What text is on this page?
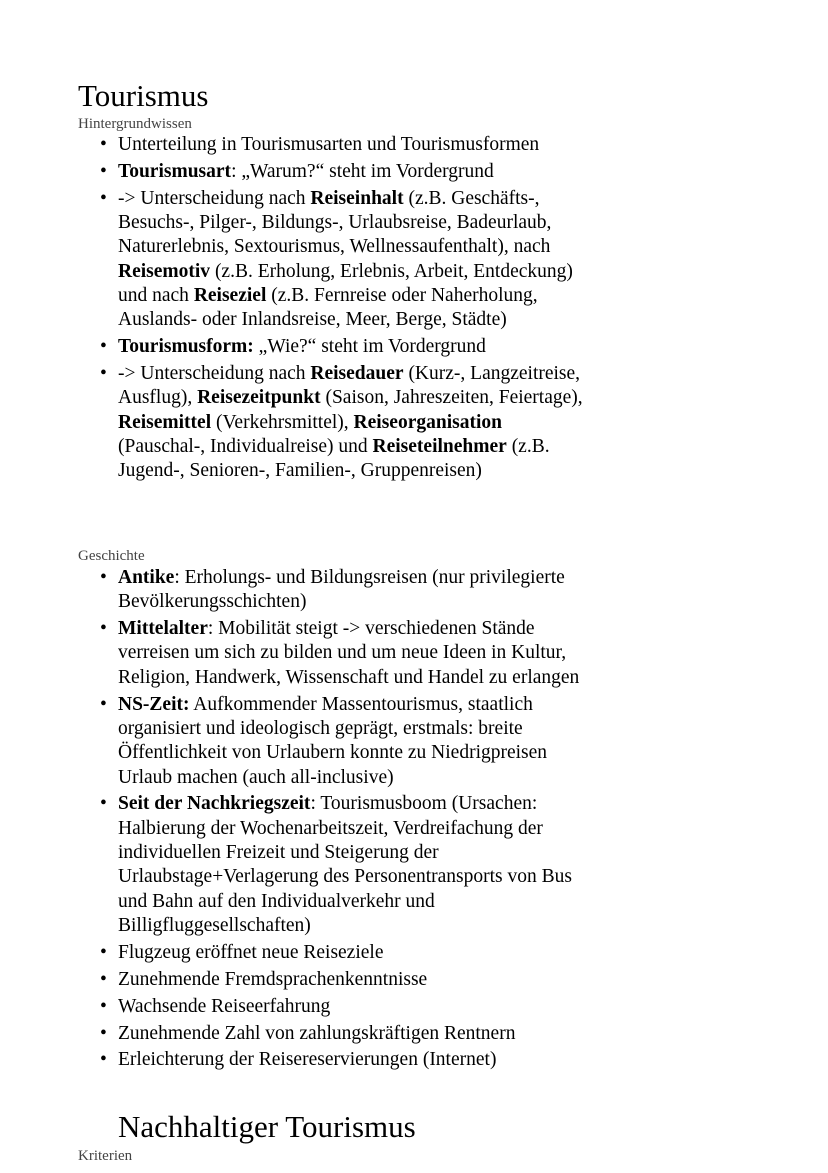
Tourismus
Hintergrundwissen
• Unterteilung in Tourismusarten und Tourismusformen
• Tourismusart: „Warum?“ steht im Vordergrund
• -> Unterscheidung nach Reiseinhalt (z.B. Geschäfts-, Besuchs-, Pilger-, Bildungs-, Urlaubsreise, Badeurlaub, Naturerlebnis, Sextourismus, Wellnessaufenthalt), nach Reisemotiv (z.B. Erholung, Erlebnis, Arbeit, Entdeckung) und nach Reiseziel (z.B. Fernreise oder Naherholung, Auslands- oder Inlandsreise, Meer, Berge, Städte)
• Tourismusform: „Wie?“ steht im Vordergrund
• -> Unterscheidung nach Reisedauer (Kurz-, Langzeitreise, Ausflug), Reisezeitpunkt (Saison, Jahreszeiten, Feiertage), Reisemittel (Verkehrsmittel), Reiseorganisation (Pauschal-, Individualreise) und Reiseteilnehmer (z.B. Jugend-, Senioren-, Familien-, Gruppenreisen)
Geschichte
• Antike: Erholungs- und Bildungsreisen (nur privilegierte Bevölkerungsschichten)
• Mittelalter: Mobilität steigt -> verschiedenen Stände verreisen um sich zu bilden und um neue Ideen in Kultur, Religion, Handwerk, Wissenschaft und Handel zu erlangen
• NS-Zeit: Aufkommender Massentourismus, staatlich organisiert und ideologisch geprägt, erstmals: breite Öffentlichkeit von Urlaubern konnte zu Niedrigpreisen Urlaub machen (auch all-inclusive)
• Seit der Nachkriegszeit: Tourismusboom (Ursachen: Halbierung der Wochenarbeitszeit, Verdreifachung der individuellen Freizeit und Steigerung der Urlaubstage+Verlagerung des Personentransports von Bus und Bahn auf den Individualverkehr und Billigfluggesellschaften)
• Flugzeug eröffnet neue Reiseziele
• Zunehmende Fremdsprachenkenntnisse
• Wachsende Reiseerfahrung
• Zunehmende Zahl von zahlungskräftigen Rentnern
• Erleichterung der Reisereservierungen (Internet)
Nachhaltiger Tourismus
Kriterien
